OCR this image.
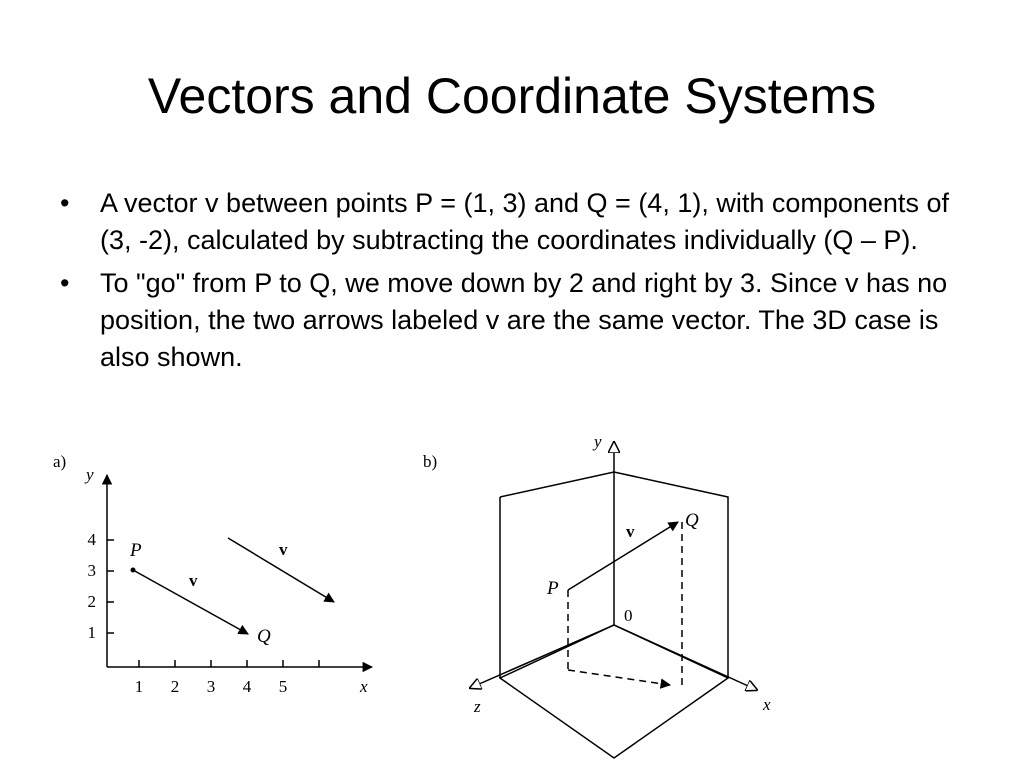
Vectors and Coordinate Systems
•	A vector v between points P = (1, 3) and Q = (4, 1), with components of (3, -2), calculated by subtracting the coordinates individually (Q – P).
•	To "go" from P to Q, we move down by 2 and right by 3. Since v has no position, the two arrows labeled v are the same vector. The 3D case is also shown.
a)
y
x
1 2 3 4 5
1
2
3
4
P
Q
v
v
b)
y
x
z
0
P
Q
v
